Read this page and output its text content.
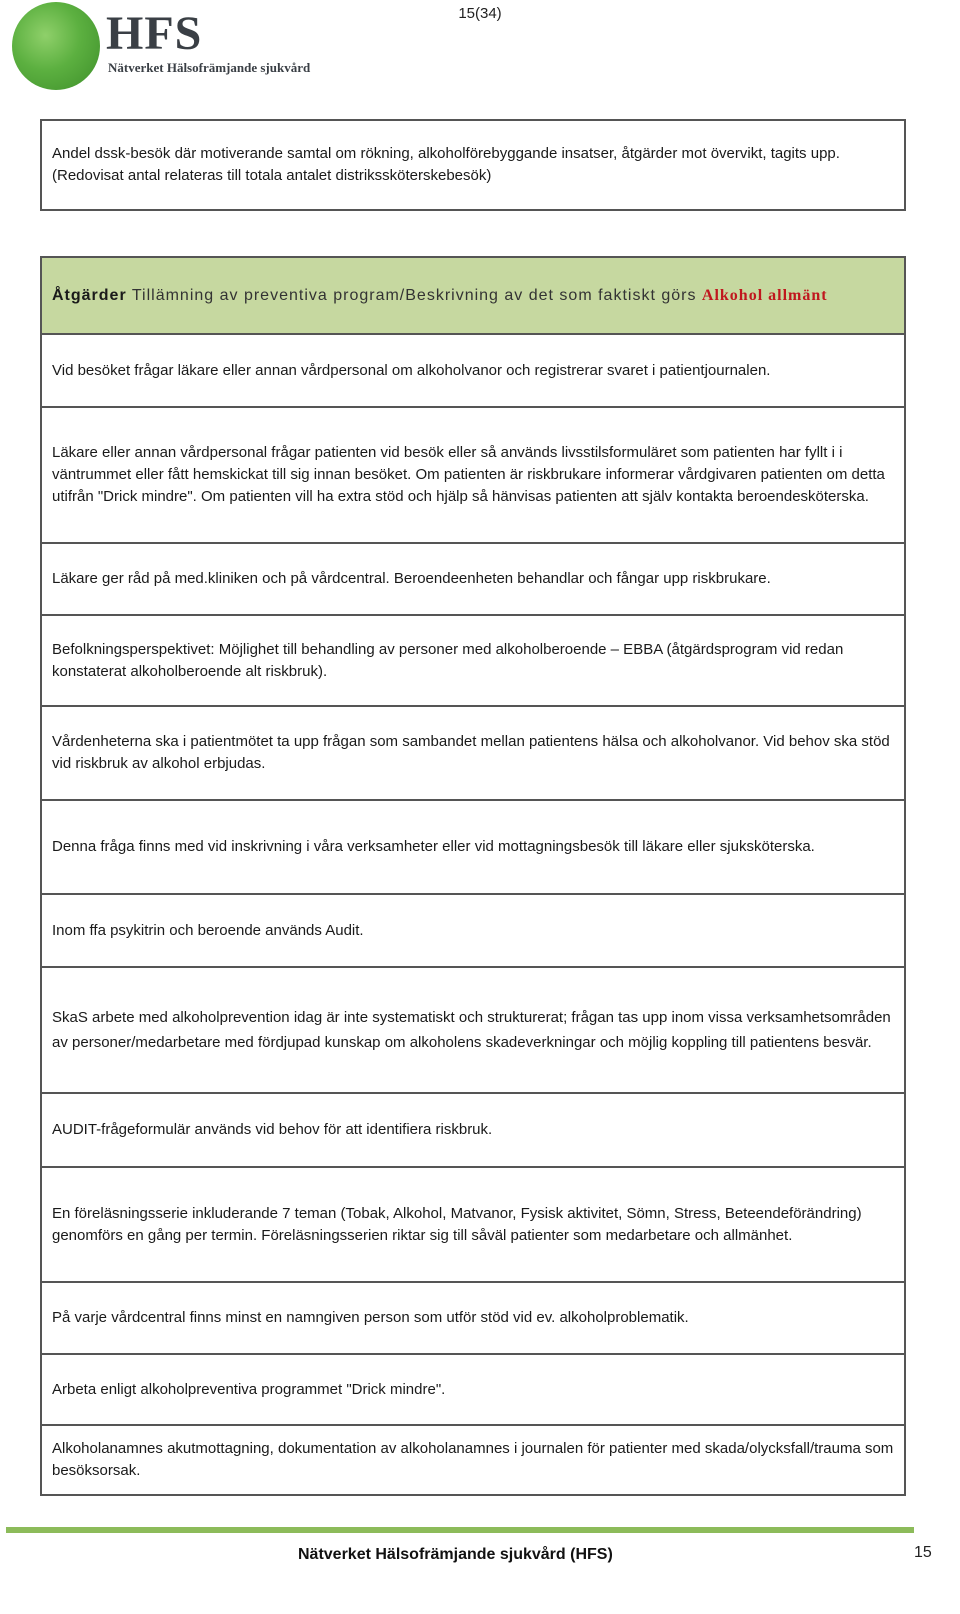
HFS
Nätverket Hälsofrämjande sjukvård
15(34)
Andel dssk-besök där motiverande samtal om rökning, alkoholförebyggande insatser, åtgärder mot övervikt, tagits upp. (Redovisat antal relateras till totala antalet distrikssköterskebesök)
Åtgärder Tillämning av preventiva program/Beskrivning av det som faktiskt görs Alkohol allmänt
Vid besöket frågar läkare eller annan vårdpersonal om alkoholvanor och registrerar svaret i patientjournalen.
Läkare eller annan vårdpersonal frågar patienten vid besök eller så används livsstilsformuläret som patienten har fyllt i i väntrummet eller fått hemskickat till sig innan besöket. Om patienten är riskbrukare informerar vårdgivaren patienten om detta utifrån "Drick mindre". Om patienten vill ha extra stöd och hjälp så hänvisas patienten att själv kontakta beroendesköterska.
Läkare ger råd på med.kliniken och på vårdcentral. Beroendeenheten behandlar och fångar upp riskbrukare.
Befolkningsperspektivet: Möjlighet till behandling av personer med alkoholberoende – EBBA (åtgärdsprogram vid redan konstaterat alkoholberoende alt riskbruk).
Vårdenheterna ska i patientmötet ta upp frågan som sambandet mellan patientens hälsa och alkoholvanor. Vid behov ska stöd vid riskbruk av alkohol erbjudas.
Denna fråga finns med vid inskrivning i våra verksamheter eller vid mottagningsbesök till läkare eller sjuksköterska.
Inom ffa psykitrin och beroende används Audit.
SkaS arbete med alkoholprevention idag är inte systematiskt och strukturerat; frågan tas upp inom vissa verksamhetsområden av personer/medarbetare med fördjupad kunskap om alkoholens skadeverkningar och möjlig koppling till patientens besvär.
AUDIT-frågeformulär används vid behov för att identifiera riskbruk.
En föreläsningsserie inkluderande 7 teman (Tobak, Alkohol, Matvanor, Fysisk aktivitet, Sömn, Stress, Beteendeförändring) genomförs en gång per termin. Föreläsningsserien riktar sig till såväl patienter som medarbetare och allmänhet.
På varje vårdcentral finns minst en namngiven person som utför stöd vid ev. alkoholproblematik.
Arbeta enligt alkoholpreventiva programmet "Drick mindre".
Alkoholanamnes akutmottagning, dokumentation av alkoholanamnes i journalen för patienter med skada/olycksfall/trauma som besöksorsak.
Nätverket Hälsofrämjande sjukvård (HFS)	15
